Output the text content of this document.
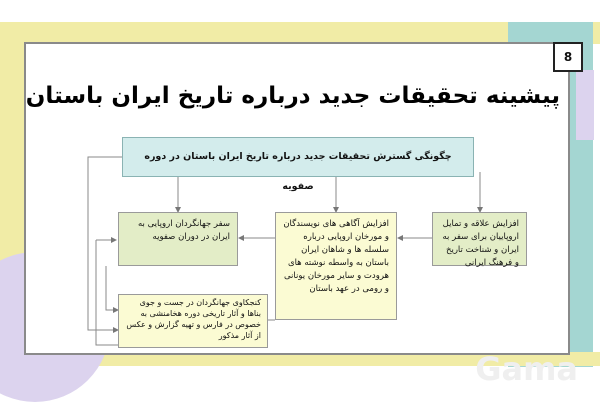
8
پیشینه تحقیقات جدید درباره تاریخ ایران باستان
چگونگی گسترش تحقیقات جدید درباره تاریخ ایران باستان در دوره صفویه
افزایش علاقه و تمایل اروپاییان برای سفر به ایران و شناخت تاریخ و فرهنگ ایرانی
افزایش آگاهی های نویسندگان و مورخان اروپایی درباره سلسله ها و شاهان ایران باستان به واسطه نوشته های هرودت و سایر مورخان یونانی و رومی در عهد باستان
سفر جهانگردان اروپایی به ایران در دوران صفویه
کنجکاوی جهانگردان در جست و جوی بناها و آثار تاریخی دوره هخامنشی به خصوص در فارس و تهیه گزارش و عکس از آثار مذکور
Gama
